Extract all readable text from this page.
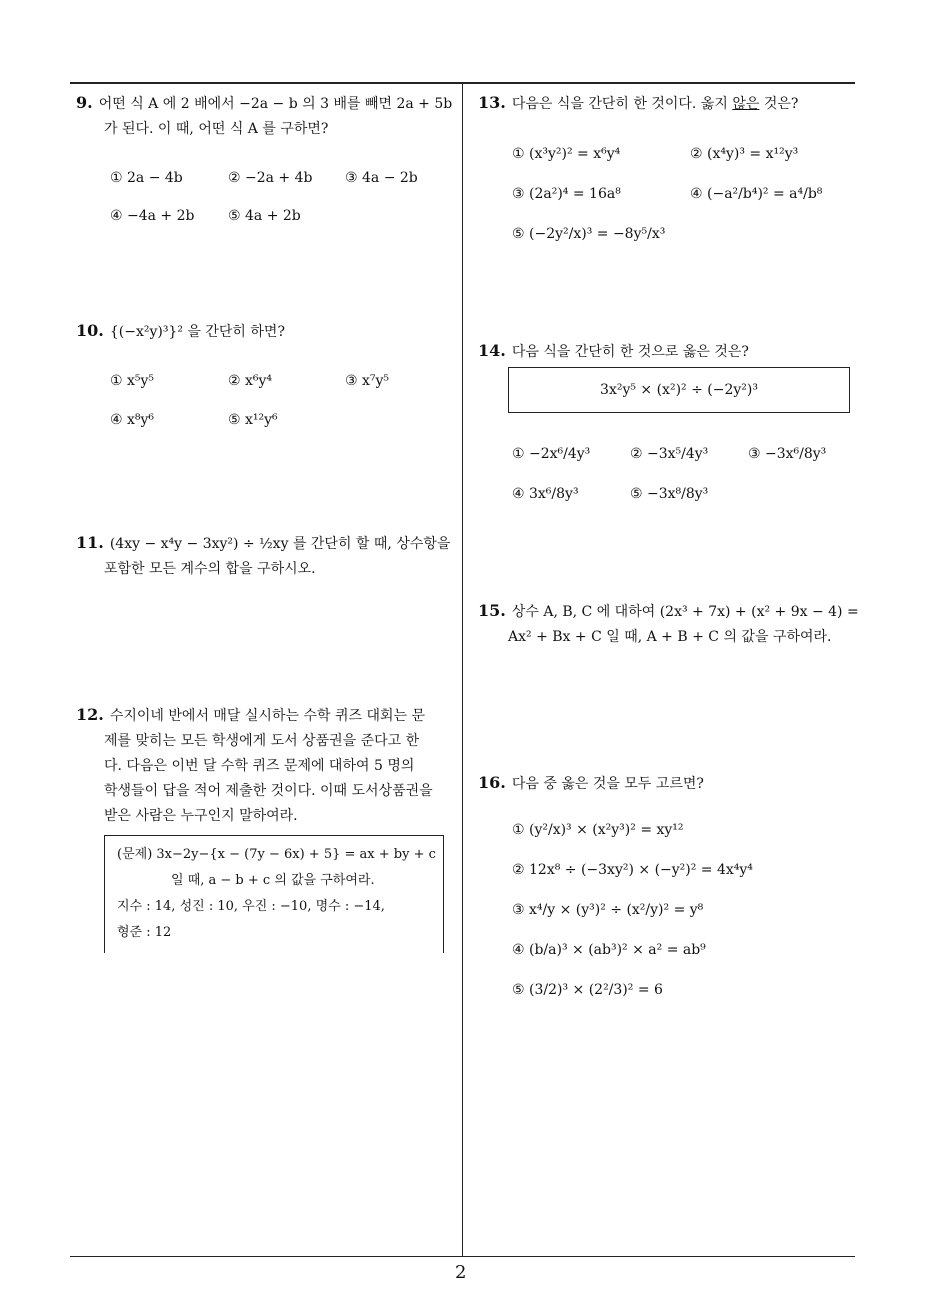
9. 어떤 식 A 에 2 배에서 −2a − b 의 3 배를 빼면 2a + 5b
가 된다. 이 때, 어떤 식 A 를 구하면?
① 2a − 4b	② −2a + 4b ③ 4a − 2b
④ −4a + 2b ⑤ 4a + 2b
10. {(−x²y)³}² 을 간단히 하면?
① x⁵y⁵	② x⁶y⁴	③ x⁷y⁵
④ x⁸y⁶	⑤ x¹²y⁶
11. (4xy − x⁴y − 3xy²) ÷ ½xy 를 간단히 할 때, 상수항을
포함한 모든 계수의 합을 구하시오.
12. 수지이네 반에서 매달 실시하는 수학 퀴즈 대회는 문
제를 맞히는 모든 학생에게 도서 상품권을 준다고 한
다. 다음은 이번 달 수학 퀴즈 문제에 대하여 5 명의
학생들이 답을 적어 제출한 것이다. 이때 도서상품권을
받은 사람은 누구인지 말하여라.
(문제) 3x−2y−{x − (7y − 6x) + 5} = ax + by + c
일 때, a − b + c 의 값을 구하여라.
지수 : 14, 성진 : 10, 우진 : −10, 명수 : −14,
형준 : 12
13. 다음은 식을 간단히 한 것이다. 옳지 않은 것은?
① (x³y²)² = x⁶y⁴	② (x⁴y)³ = x¹²y³
③ (2a²)⁴ = 16a⁸	④ (−a²/b⁴)² = a⁴/b⁸
⑤ (−2y²/x)³ = −8y⁵/x³
14. 다음 식을 간단히 한 것으로 옳은 것은?
3x²y⁵ × (x²)² ÷ (−2y²)³
① −2x⁶/4y³	② −3x⁵/4y³	③ −3x⁶/8y³
④ 3x⁶/8y³	⑤ −3x⁸/8y³
15. 상수 A, B, C 에 대하여 (2x³ + 7x) + (x² + 9x − 4) =
Ax² + Bx + C 일 때, A + B + C 의 값을 구하여라.
16. 다음 중 옳은 것을 모두 고르면?
① (y²/x)³ × (x²y³)² = xy¹²
② 12x⁸ ÷ (−3xy²) × (−y²)² = 4x⁴y⁴
③ x⁴/y × (y³)² ÷ (x²/y)² = y⁸
④ (b/a)³ × (ab³)² × a² = ab⁹
⑤ (3/2)³ × (2²/3)² = 6
2
